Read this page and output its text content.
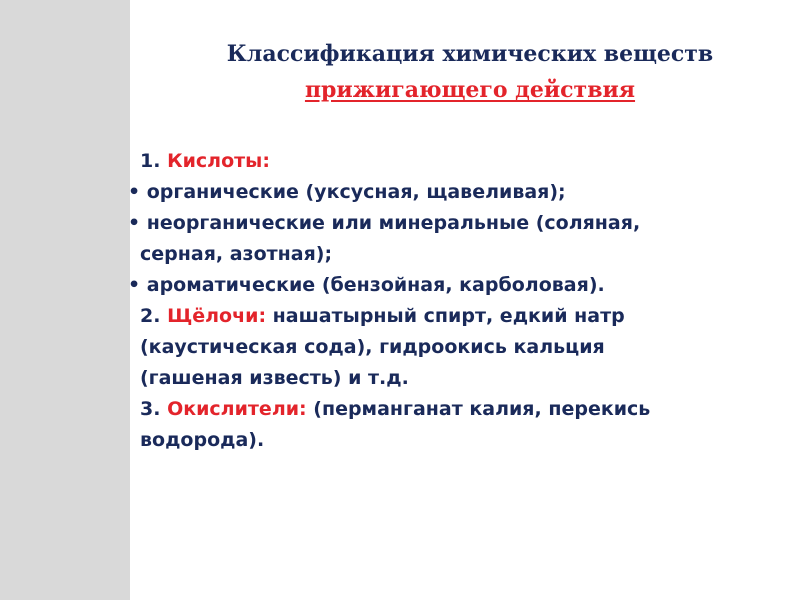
Классификация химических веществ
прижигающего действия
1. Кислоты:
• органические (уксусная, щавеливая);
• неорганические или минеральные (соляная,
серная, азотная);
• ароматические (бензойная, карболовая).
2. Щёлочи: нашатырный спирт, едкий натр
(каустическая сода), гидроокись кальция
(гашеная известь) и т.д.
3. Окислители: (перманганат калия, перекись
водорода).
